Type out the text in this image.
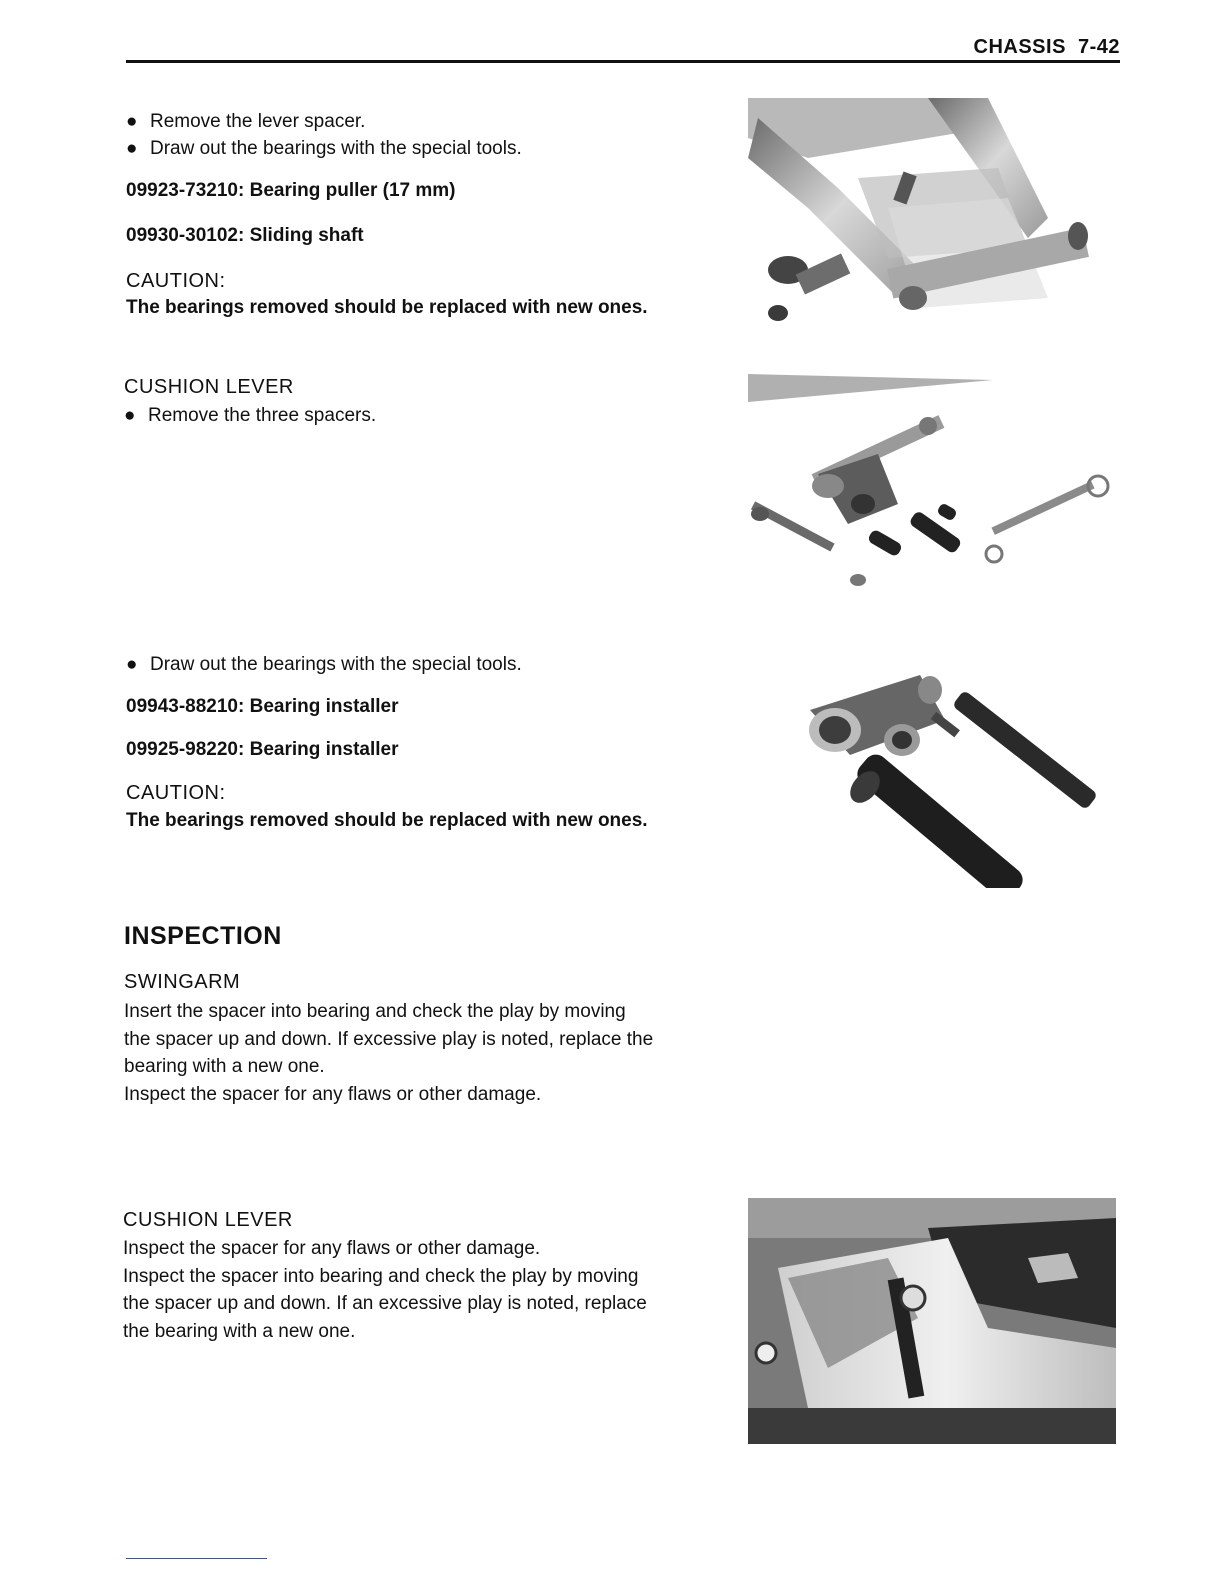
CHASSIS 7-42
● Remove the lever spacer.
● Draw out the bearings with the special tools.
09923-73210: Bearing puller (17 mm)
09930-30102: Sliding shaft
CAUTION:
The bearings removed should be replaced with new ones.
CUSHION LEVER
● Remove the three spacers.
● Draw out the bearings with the special tools.
09943-88210: Bearing installer
09925-98220: Bearing installer
CAUTION:
The bearings removed should be replaced with new ones.
INSPECTION
SWINGARM
Insert the spacer into bearing and check the play by moving
the spacer up and down. If excessive play is noted, replace the
bearing with a new one.
Inspect the spacer for any flaws or other damage.
CUSHION LEVER
Inspect the spacer for any flaws or other damage.
Inspect the spacer into bearing and check the play by moving
the spacer up and down. If an excessive play is noted, replace
the bearing with a new one.
